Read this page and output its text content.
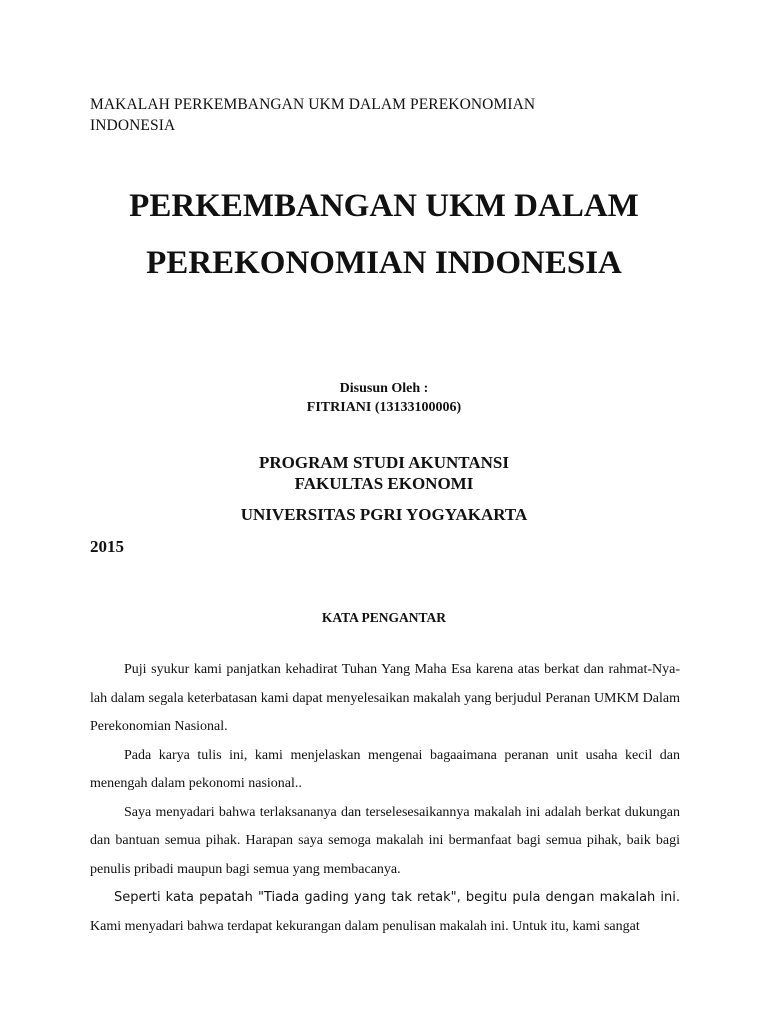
MAKALAH PERKEMBANGAN UKM DALAM PEREKONOMIAN
INDONESIA
PERKEMBANGAN UKM DALAM
PEREKONOMIAN INDONESIA
Disusun Oleh :
FITRIANI (13133100006)
PROGRAM STUDI AKUNTANSI
FAKULTAS EKONOMI
UNIVERSITAS PGRI YOGYAKARTA
2015
KATA PENGANTAR

Puji syukur kami panjatkan kehadirat Tuhan Yang Maha Esa karena atas berkat dan rahmat-Nya-lah dalam segala keterbatasan kami dapat menyelesaikan makalah yang berjudul Peranan UMKM Dalam Perekonomian Nasional.

Pada karya tulis ini, kami menjelaskan mengenai bagaaimana peranan unit usaha kecil dan menengah dalam pekonomi nasional..

Saya menyadari bahwa terlaksananya dan terselesesaikannya makalah ini adalah berkat dukungan dan bantuan semua pihak. Harapan saya semoga makalah ini bermanfaat bagi semua pihak, baik bagi penulis pribadi maupun bagi semua yang membacanya.

Seperti kata pepatah "Tiada gading yang tak retak", begitu pula dengan makalah ini. Kami menyadari bahwa terdapat kekurangan dalam penulisan makalah ini. Untuk itu, kami sangat
